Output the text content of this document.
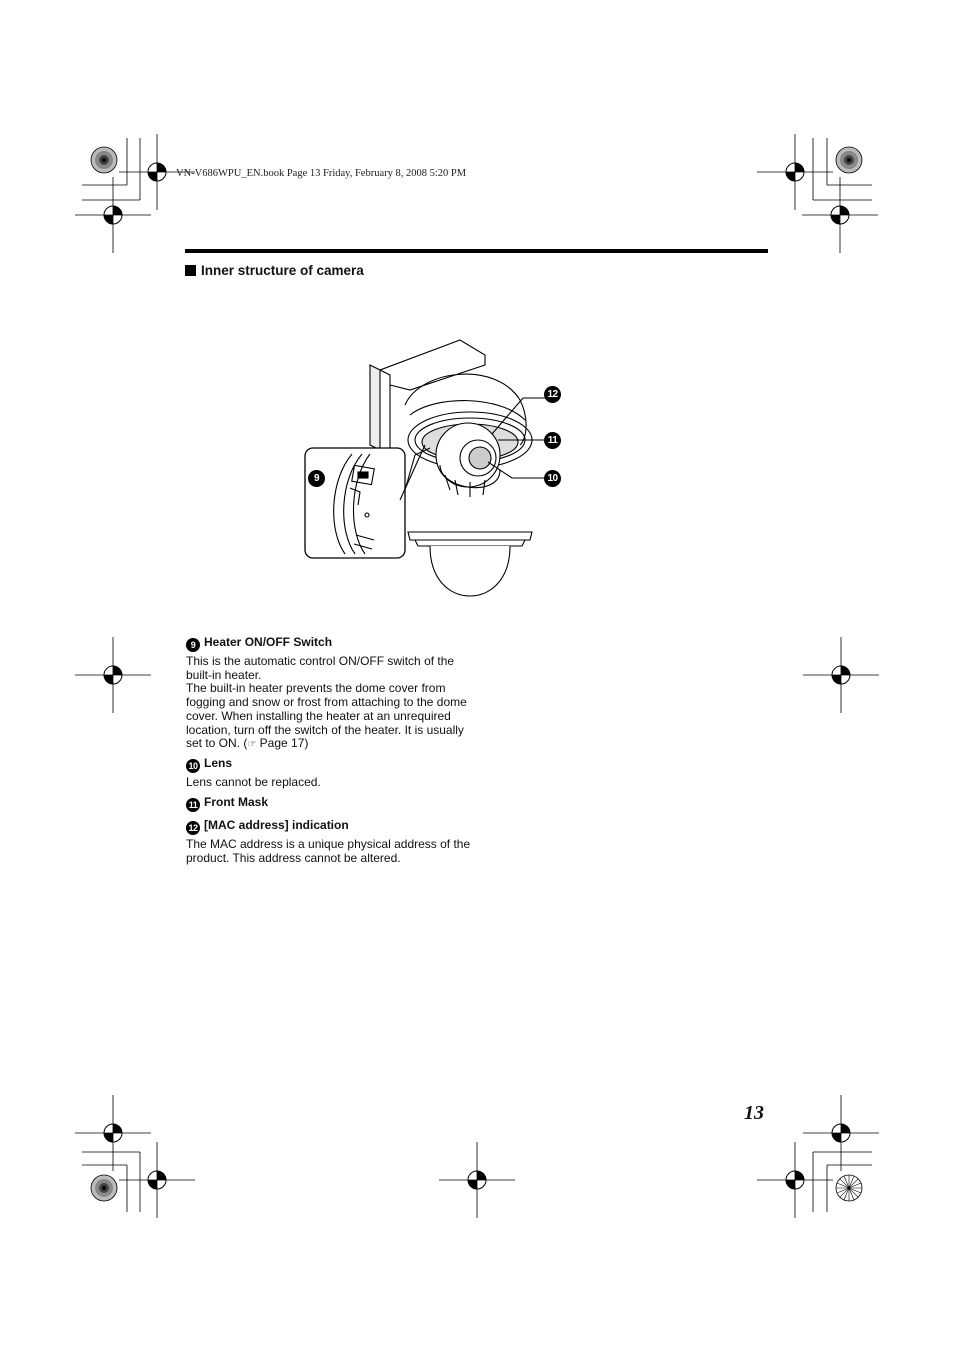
VN-V686WPU_EN.book Page 13 Friday, February 8, 2008 5:20 PM
Inner structure of camera
9
12
11
10
9 Heater ON/OFF Switch
This is the automatic control ON/OFF switch of the built-in heater.
The built-in heater prevents the dome cover from fogging and snow or frost from attaching to the dome cover. When installing the heater at an unrequired location, turn off the switch of the heater. It is usually set to ON. (☞ Page 17)
10 Lens
Lens cannot be replaced.
11 Front Mask
12 [MAC address] indication
The MAC address is a unique physical address of the product. This address cannot be altered.
13
